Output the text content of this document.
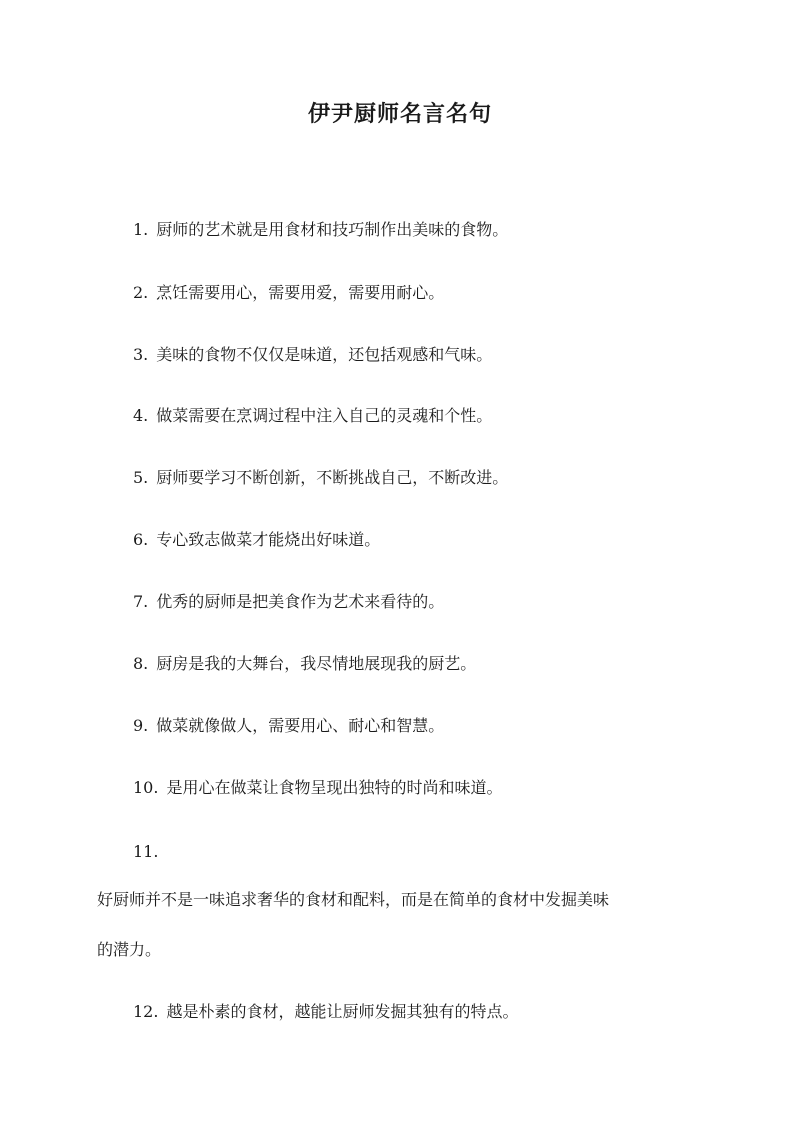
伊尹厨师名言名句
1. 厨师的艺术就是用食材和技巧制作出美味的食物。
2. 烹饪需要用心，需要用爱，需要用耐心。
3. 美味的食物不仅仅是味道，还包括观感和气味。
4. 做菜需要在烹调过程中注入自己的灵魂和个性。
5. 厨师要学习不断创新，不断挑战自己，不断改进。
6. 专心致志做菜才能烧出好味道。
7. 优秀的厨师是把美食作为艺术来看待的。
8. 厨房是我的大舞台，我尽情地展现我的厨艺。
9. 做菜就像做人，需要用心、耐心和智慧。
10. 是用心在做菜让食物呈现出独特的时尚和味道。
11.
好厨师并不是一味追求奢华的食材和配料，而是在简单的食材中发掘美味
的潜力。
12. 越是朴素的食材，越能让厨师发掘其独有的特点。
